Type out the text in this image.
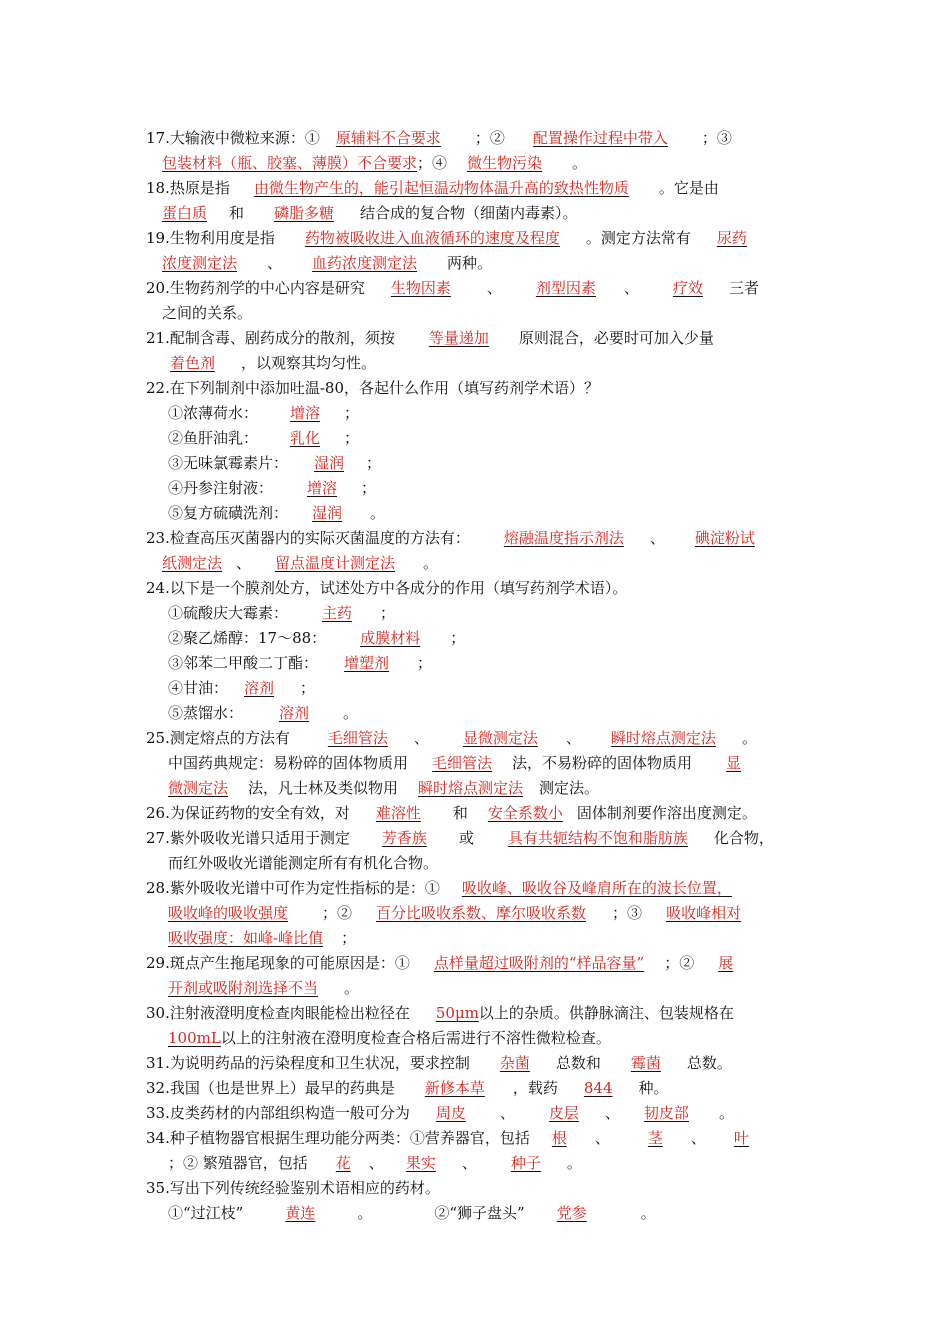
17.大输液中微粒来源：① 原辅料不合要求 ；② 配置操作过程中带入 ；③
包装材料（瓶、胶塞、薄膜）不合要求；④ 微生物污染 。
18.热原是指 由微生物产生的，能引起恒温动物体温升高的致热性物质 。它是由
蛋白质 和 磷脂多糖 结合成的复合物（细菌内毒素）。
19.生物利用度是指 药物被吸收进入血液循环的速度及程度 。测定方法常有 尿药
浓度测定法 、 血药浓度测定法 两种。
20.生物药剂学的中心内容是研究 生物因素 、 剂型因素 、 疗效 三者
之间的关系。
21.配制含毒、剧药成分的散剂，须按 等量递加 原则混合，必要时可加入少量
着色剂 ，以观察其均匀性。
22.在下列制剂中添加吐温-80，各起什么作用（填写药剂学术语）？
①浓薄荷水： 增溶 ；
②鱼肝油乳： 乳化 ；
③无味氯霉素片： 湿润 ；
④丹参注射液： 增溶 ；
⑤复方硫磺洗剂： 湿润 。
23.检查高压灭菌器内的实际灭菌温度的方法有： 熔融温度指示剂法 、 碘淀粉试
纸测定法 、 留点温度计测定法 。
24.以下是一个膜剂处方，试述处方中各成分的作用（填写药剂学术语）。
①硫酸庆大霉素： 主药 ；
②聚乙烯醇：17～88： 成膜材料 ；
③邻苯二甲酸二丁酯： 增塑剂 ；
④甘油： 溶剂 ；
⑤蒸馏水： 溶剂 。
25.测定熔点的方法有	毛细管法 、 显微测定法 、 瞬时熔点测定法 。
中国药典规定：易粉碎的固体物质用 毛细管法 法，不易粉碎的固体物质用 显
微测定法 法，凡士林及类似物用 瞬时熔点测定法 测定法。
26.为保证药物的安全有效，对 难溶性 和 安全系数小 固体制剂要作溶出度测定。
27.紫外吸收光谱只适用于测定 芳香族 或 具有共轭结构不饱和脂肪族 化合物，
而红外吸收光谱能测定所有有机化合物。
28.紫外吸收光谱中可作为定性指标的是：① 吸收峰、吸收谷及峰肩所在的波长位置，
吸收峰的吸收强度 ；② 百分比吸收系数、摩尔吸收系数 ；③ 吸收峰相对
吸收强度：如峰-峰比值 ；
29.斑点产生拖尾现象的可能原因是：① 点样量超过吸附剂的“样品容量” ；② 展
开剂或吸附剂选择不当 。
30.注射液澄明度检查肉眼能检出粒径在 50μm以上的杂质。供静脉滴注、包装规格在
100mL以上的注射液在澄明度检查合格后需进行不溶性微粒检查。
31.为说明药品的污染程度和卫生状况，要求控制 杂菌 总数和 霉菌 总数。
32.我国（也是世界上）最早的药典是 新修本草 ，载药 844 种。
33.皮类药材的内部组织构造一般可分为 周皮 、 皮层 、 韧皮部 。
34.种子植物器官根据生理功能分两类：①营养器官，包括 根 、	茎 、 叶
；② 繁殖器官，包括 花 、 果实 、 种子 。
35.写出下列传统经验鉴别术语相应的药材。
①“过江枝”	黄连	。	②“狮子盘头” 党参	。
